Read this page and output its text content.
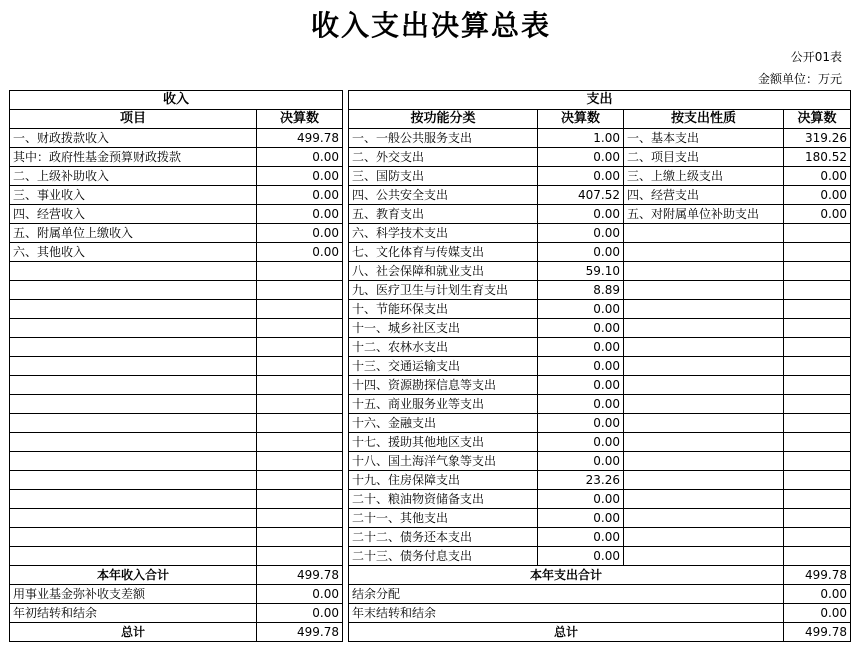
收入支出决算总表
公开01表
金额单位：万元
收入			支出			
项目	决算数		按功能分类	决算数	按支出性质	决算数
一、财政拨款收入	499.78		一、一般公共服务支出	1.00	一、基本支出	319.26
其中：政府性基金预算财政拨款	0.00		二、外交支出	0.00	二、项目支出	180.52
二、上级补助收入	0.00		三、国防支出	0.00	三、上缴上级支出	0.00
三、事业收入	0.00		四、公共安全支出	407.52	四、经营支出	0.00
四、经营收入	0.00		五、教育支出	0.00	五、对附属单位补助支出	0.00
五、附属单位上缴收入	0.00		六、科学技术支出	0.00		
六、其他收入	0.00		七、文化体育与传媒支出	0.00		
			八、社会保障和就业支出	59.10		
			九、医疗卫生与计划生育支出	8.89		
			十、节能环保支出	0.00		
			十一、城乡社区支出	0.00		
			十二、农林水支出	0.00		
			十三、交通运输支出	0.00		
			十四、资源勘探信息等支出	0.00		
			十五、商业服务业等支出	0.00		
			十六、金融支出	0.00		
			十七、援助其他地区支出	0.00		
			十八、国土海洋气象等支出	0.00		
			十九、住房保障支出	23.26		
			二十、粮油物资储备支出	0.00		
			二十一、其他支出	0.00		
			二十二、债务还本支出	0.00		
			二十三、债务付息支出	0.00		
本年收入合计	499.78		本年支出合计			499.78
用事业基金弥补收支差额	0.00		结余分配			0.00
年初结转和结余	0.00		年末结转和结余			0.00
总计	499.78		总计			499.78
